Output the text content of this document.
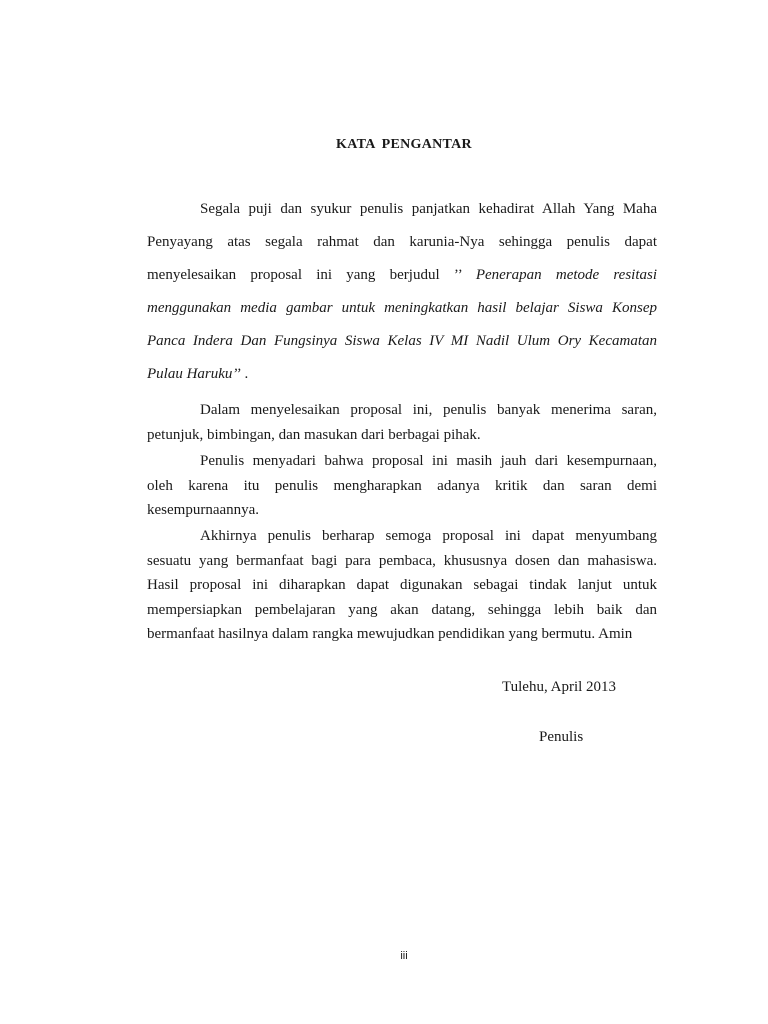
KATA PENGANTAR
Segala puji dan syukur penulis panjatkan kehadirat Allah Yang Maha
Penyayang atas segala rahmat dan karunia-Nya sehingga penulis dapat
menyelesaikan proposal ini yang berjudul ’’ Penerapan metode resitasi
menggunakan media gambar untuk meningkatkan hasil belajar Siswa Konsep
Panca Indera Dan Fungsinya Siswa Kelas IV MI Nadil Ulum Ory Kecamatan
Pulau Haruku’’ .
Dalam menyelesaikan proposal ini, penulis banyak menerima saran,
petunjuk, bimbingan, dan masukan dari berbagai pihak.
Penulis menyadari bahwa proposal ini masih jauh dari kesempurnaan,
oleh karena itu penulis mengharapkan adanya kritik dan saran demi
kesempurnaannya.
Akhirnya penulis berharap semoga proposal ini dapat menyumbang
sesuatu yang bermanfaat bagi para pembaca, khususnya dosen dan mahasiswa.
Hasil proposal ini diharapkan dapat digunakan sebagai tindak lanjut untuk
mempersiapkan pembelajaran yang akan datang, sehingga lebih baik dan
bermanfaat hasilnya dalam rangka mewujudkan pendidikan yang bermutu. Amin
Tulehu, April 2013
Penulis
iii
